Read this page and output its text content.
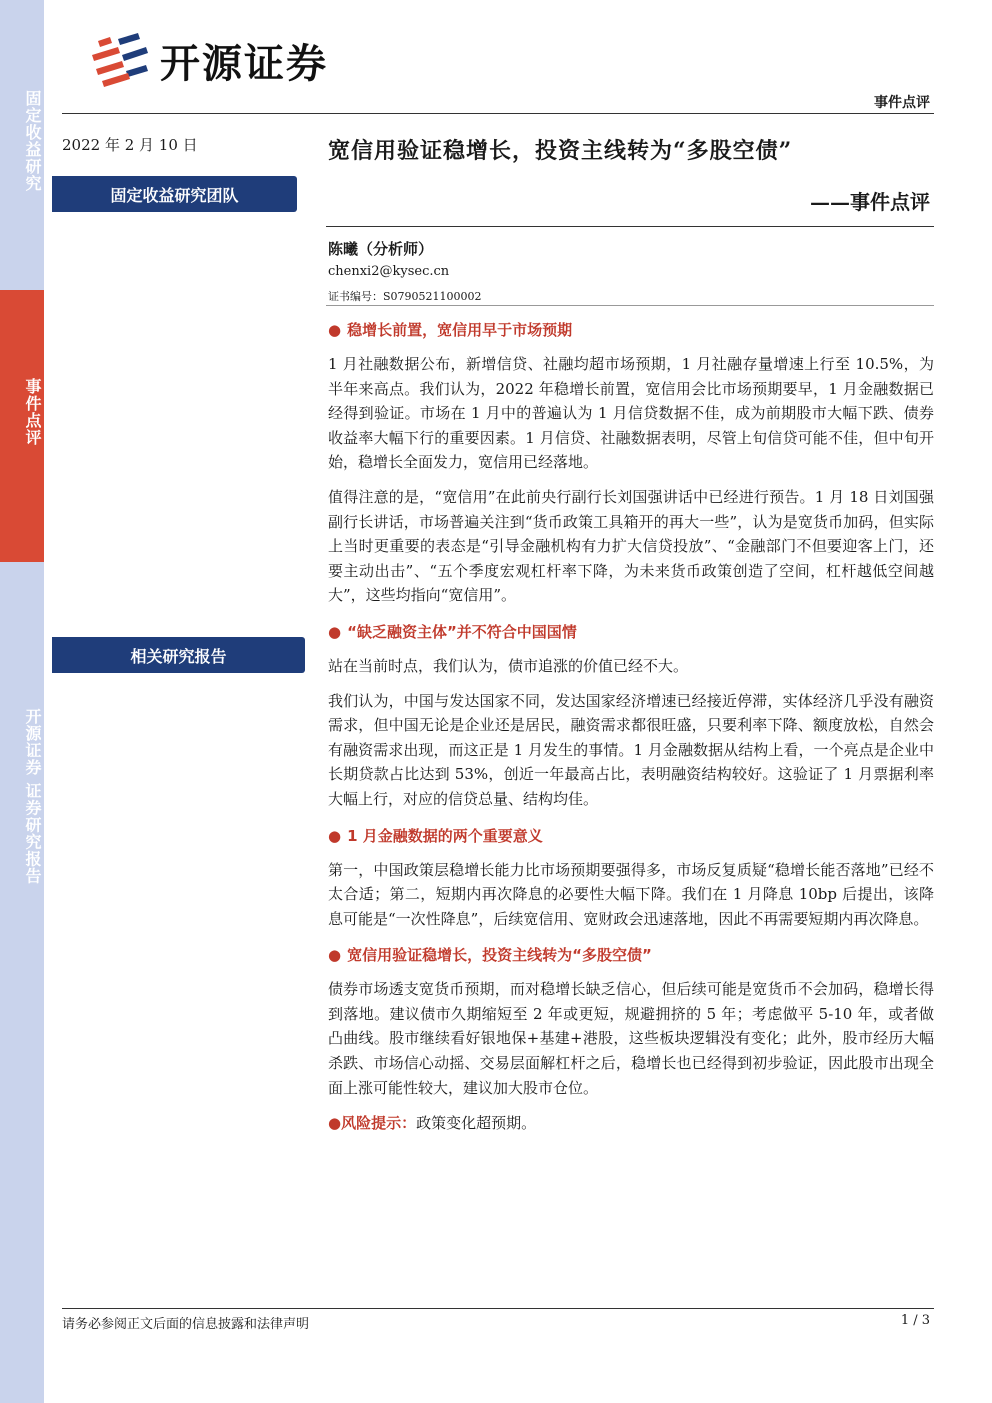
固定收益研究
事件点评
开源证券 证券研究报告
开源证券
事件点评
2022 年 2 月 10 日
固定收益研究团队
相关研究报告
宽信用验证稳增长，投资主线转为“多股空债”
——事件点评
陈曦（分析师）
chenxi2@kysec.cn
证书编号：S0790521100002
● 稳增长前置，宽信用早于市场预期

1 月社融数据公布，新增信贷、社融均超市场预期，1 月社融存量增速上行至 10.5%，为半年来高点。我们认为，2022 年稳增长前置，宽信用会比市场预期要早，1 月金融数据已经得到验证。市场在 1 月中的普遍认为 1 月信贷数据不佳，成为前期股市大幅下跌、债券收益率大幅下行的重要因素。1 月信贷、社融数据表明，尽管上旬信贷可能不佳，但中旬开始，稳增长全面发力，宽信用已经落地。

值得注意的是，“宽信用”在此前央行副行长刘国强讲话中已经进行预告。1 月 18 日刘国强副行长讲话，市场普遍关注到“货币政策工具箱开的再大一些”，认为是宽货币加码，但实际上当时更重要的表态是“引导金融机构有力扩大信贷投放”、“金融部门不但要迎客上门，还要主动出击”、“五个季度宏观杠杆率下降，为未来货币政策创造了空间，杠杆越低空间越大”，这些均指向“宽信用”。

● “缺乏融资主体”并不符合中国国情

站在当前时点，我们认为，债市追涨的价值已经不大。

我们认为，中国与发达国家不同，发达国家经济增速已经接近停滞，实体经济几乎没有融资需求，但中国无论是企业还是居民，融资需求都很旺盛，只要利率下降、额度放松，自然会有融资需求出现，而这正是 1 月发生的事情。1 月金融数据从结构上看，一个亮点是企业中长期贷款占比达到 53%，创近一年最高占比，表明融资结构较好。这验证了 1 月票据利率大幅上行，对应的信贷总量、结构均佳。

● 1 月金融数据的两个重要意义

第一，中国政策层稳增长能力比市场预期要强得多，市场反复质疑“稳增长能否落地”已经不太合适；第二，短期内再次降息的必要性大幅下降。我们在 1 月降息 10bp 后提出，该降息可能是“一次性降息”，后续宽信用、宽财政会迅速落地，因此不再需要短期内再次降息。

● 宽信用验证稳增长，投资主线转为“多股空债”

债券市场透支宽货币预期，而对稳增长缺乏信心，但后续可能是宽货币不会加码，稳增长得到落地。建议债市久期缩短至 2 年或更短，规避拥挤的 5 年；考虑做平 5-10 年，或者做凸曲线。股市继续看好银地保+基建+港股，这些板块逻辑没有变化；此外，股市经历大幅杀跌、市场信心动摇、交易层面解杠杆之后，稳增长也已经得到初步验证，因此股市出现全面上涨可能性较大，建议加大股市仓位。

●风险提示：政策变化超预期。
请务必参阅正文后面的信息披露和法律声明	1 / 3
